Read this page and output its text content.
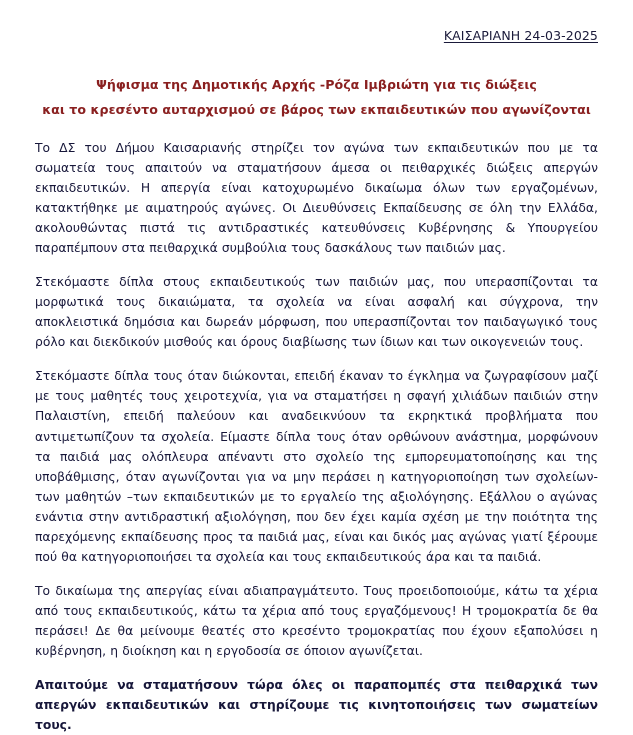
ΚΑΙΣΑΡΙΑΝΗ 24-03-2025
Ψήφισμα της Δημοτικής Αρχής -Ρόζα Ιμβριώτη για τις διώξεις
και το κρεσέντο αυταρχισμού σε βάρος των εκπαιδευτικών που αγωνίζονται

Το ΔΣ του Δήμου Καισαριανής στηρίζει τον αγώνα των εκπαιδευτικών που με τα σωματεία τους απαιτούν να σταματήσουν άμεσα οι πειθαρχικές διώξεις απεργών εκπαιδευτικών. Η απεργία είναι κατοχυρωμένο δικαίωμα όλων των εργαζομένων, κατακτήθηκε με αιματηρούς αγώνες. Οι Διευθύνσεις Εκπαίδευσης σε όλη την Ελλάδα, ακολουθώντας πιστά τις αντιδραστικές κατευθύνσεις Κυβέρνησης & Υπουργείου παραπέμπουν στα πειθαρχικά συμβούλια τους δασκάλους των παιδιών μας.

Στεκόμαστε δίπλα στους εκπαιδευτικούς των παιδιών μας, που υπερασπίζονται τα μορφωτικά τους δικαιώματα, τα σχολεία να είναι ασφαλή και σύγχρονα, την αποκλειστικά δημόσια και δωρεάν μόρφωση, που υπερασπίζονται τον παιδαγωγικό τους ρόλο και διεκδικούν μισθούς και όρους διαβίωσης των ίδιων και των οικογενειών τους.

Στεκόμαστε δίπλα τους όταν διώκονται, επειδή έκαναν το έγκλημα να ζωγραφίσουν μαζί με τους μαθητές τους χειροτεχνία, για να σταματήσει η σφαγή χιλιάδων παιδιών στην Παλαιστίνη, επειδή παλεύουν και αναδεικνύουν τα εκρηκτικά προβλήματα που αντιμετωπίζουν τα σχολεία. Είμαστε δίπλα τους όταν ορθώνουν ανάστημα, μορφώνουν τα παιδιά μας ολόπλευρα απέναντι στο σχολείο της εμπορευματοποίησης και της υποβάθμισης, όταν αγωνίζονται για να μην περάσει η κατηγοριοποίηση των σχολείων-των μαθητών –των εκπαιδευτικών με το εργαλείο της αξιολόγησης. Εξάλλου ο αγώνας ενάντια στην αντιδραστική αξιολόγηση, που δεν έχει καμία σχέση με την ποιότητα της παρεχόμενης εκπαίδευσης προς τα παιδιά μας, είναι και δικός μας αγώνας γιατί ξέρουμε πού θα κατηγοριοποιήσει τα σχολεία και τους εκπαιδευτικούς άρα και τα παιδιά.

Το δικαίωμα της απεργίας είναι αδιαπραγμάτευτο. Τους προειδοποιούμε, κάτω τα χέρια από τους εκπαιδευτικούς, κάτω τα χέρια από τους εργαζόμενους! Η τρομοκρατία δε θα περάσει! Δε θα μείνουμε θεατές στο κρεσέντο τρομοκρατίας που έχουν εξαπολύσει η κυβέρνηση, η διοίκηση και η εργοδοσία σε όποιον αγωνίζεται.

Απαιτούμε να σταματήσουν τώρα όλες οι παραπομπές στα πειθαρχικά των απεργών εκπαιδευτικών και στηρίζουμε τις κινητοποιήσεις των σωματείων τους.
